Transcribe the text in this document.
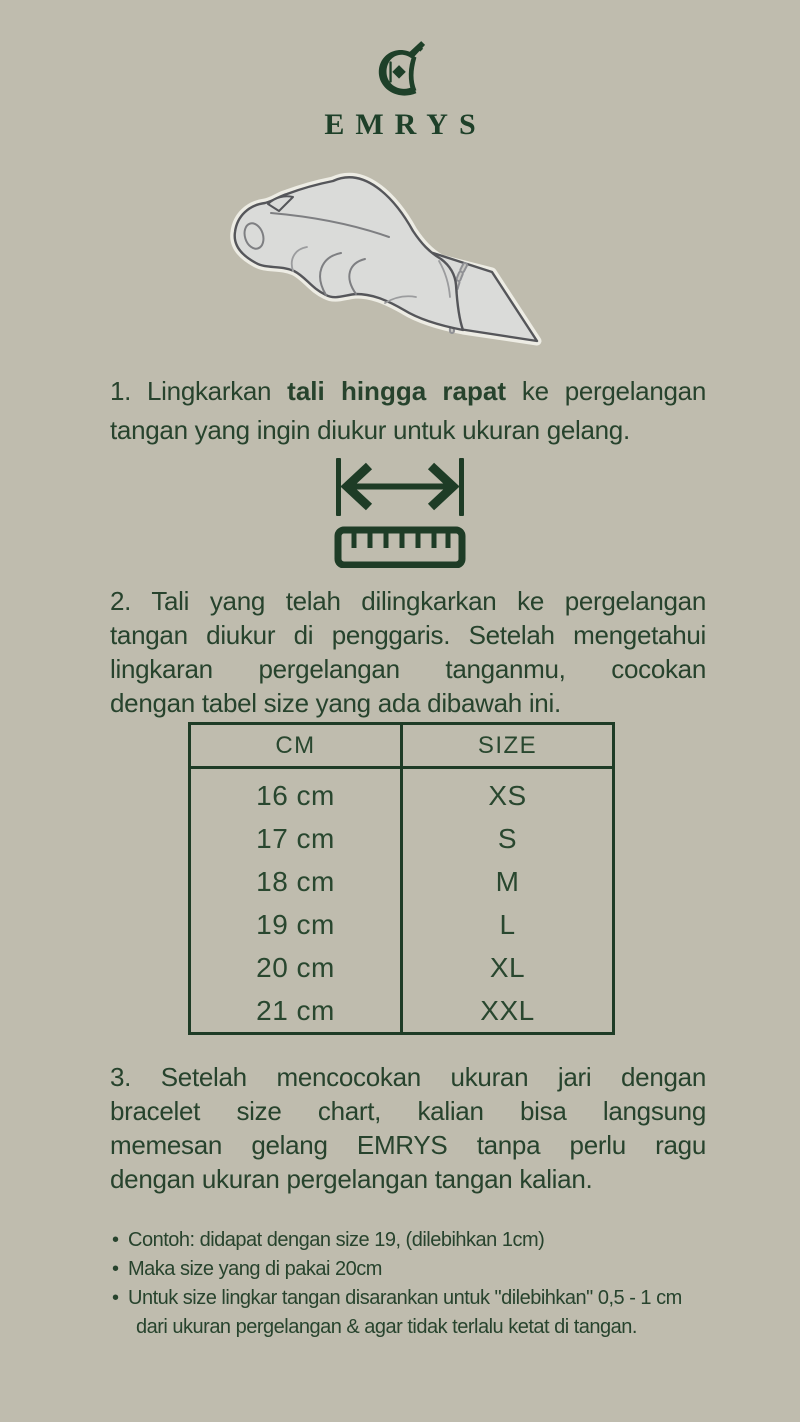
EMRYS
1. Lingkarkan tali hingga rapat ke pergelangan
tangan yang ingin diukur untuk ukuran gelang.
2. Tali yang telah dilingkarkan ke pergelangan
tangan diukur di penggaris. Setelah mengetahui
lingkaran pergelangan tanganmu, cocokan
dengan tabel size yang ada dibawah ini.
CM	SIZE
16 cm	XS
17 cm	S
18 cm	M
19 cm	L
20 cm	XL
21 cm	XXL
3. Setelah mencocokan ukuran jari dengan
bracelet size chart, kalian bisa langsung
memesan gelang EMRYS tanpa perlu ragu
dengan ukuran pergelangan tangan kalian.
• Contoh: didapat dengan size 19, (dilebihkan 1cm)
• Maka size yang di pakai 20cm
• Untuk size lingkar tangan disarankan untuk "dilebihkan" 0,5 - 1 cm
dari ukuran pergelangan & agar tidak terlalu ketat di tangan.
